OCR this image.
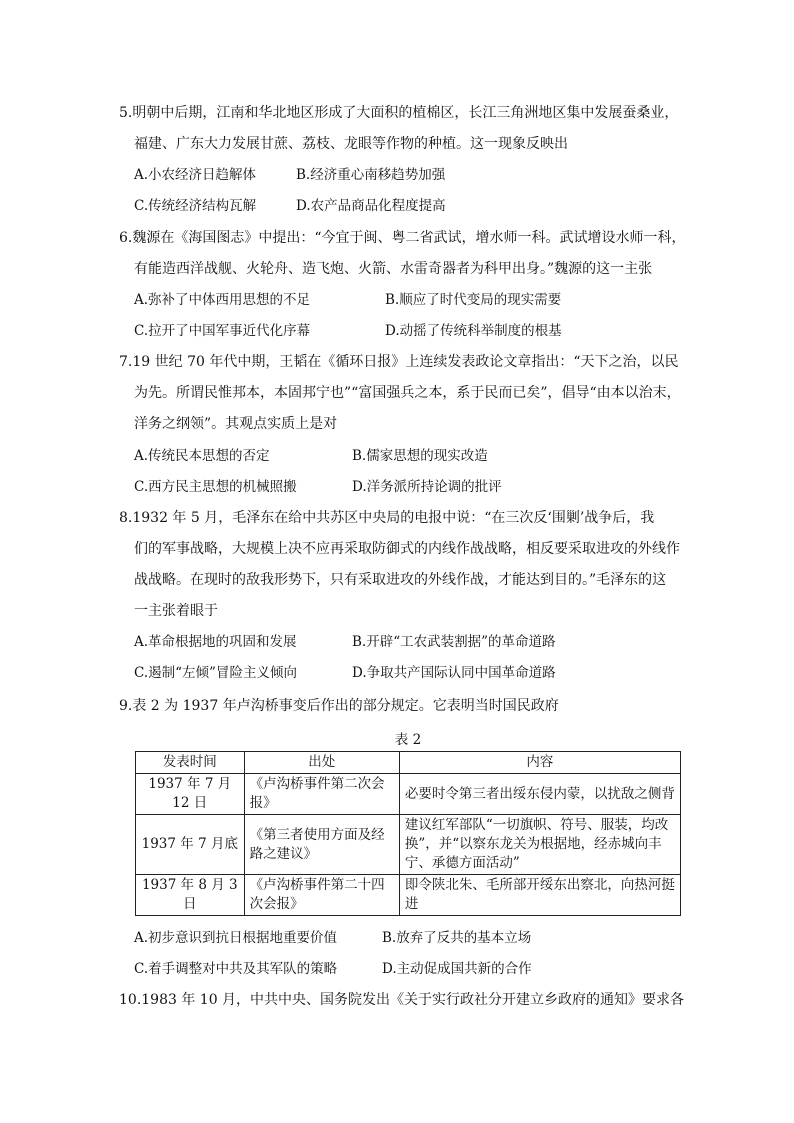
5.明朝中后期，江南和华北地区形成了大面积的植棉区，长江三角洲地区集中发展蚕桑业，
福建、广东大力发展甘蔗、荔枝、龙眼等作物的种植。这一现象反映出
A.小农经济日趋解体	B.经济重心南移趋势加强
C.传统经济结构瓦解	D.农产品商品化程度提高
6.魏源在《海国图志》中提出：“今宜于闽、粤二省武试，增水师一科。武试增设水师一科，
有能造西洋战舰、火轮舟、造飞炮、火箭、水雷奇器者为科甲出身。”魏源的这一主张
A.弥补了中体西用思想的不足	B.顺应了时代变局的现实需要
C.拉开了中国军事近代化序幕	D.动摇了传统科举制度的根基
7.19 世纪 70 年代中期，王韬在《循环日报》上连续发表政论文章指出：“天下之治，以民
为先。所谓民惟邦本，本固邦宁也”“富国强兵之本，系于民而已矣”，倡导“由本以治末，
洋务之纲领”。其观点实质上是对
A.传统民本思想的否定	B.儒家思想的现实改造
C.西方民主思想的机械照搬	D.洋务派所持论调的批评
8.1932 年 5 月，毛泽东在给中共苏区中央局的电报中说：“在三次反‘围剿’战争后，我
们的军事战略，大规模上决不应再采取防御式的内线作战战略，相反要采取进攻的外线作
战战略。在现时的敌我形势下，只有采取进攻的外线作战，才能达到目的。”毛泽东的这
一主张着眼于
A.革命根据地的巩固和发展	B.开辟“工农武装割据”的革命道路
C.遏制“左倾”冒险主义倾向	D.争取共产国际认同中国革命道路
9.表 2 为 1937 年卢沟桥事变后作出的部分规定。它表明当时国民政府
表 2
发表时间	出处	内容
1937 年 7 月 12 日	《卢沟桥事件第二次会报》	必要时令第三者出绥东侵内蒙，以扰敌之侧背
1937 年 7 月底	《第三者使用方面及经路之建议》	建议红军部队“一切旗帜、符号、服装，均改换”，并“以察东龙关为根据地，经赤城向丰宁、承德方面活动”
1937 年 8 月 3 日	《卢沟桥事件第二十四次会报》	即令陕北朱、毛所部开绥东出察北，向热河挺进
A.初步意识到抗日根据地重要价值	B.放弃了反共的基本立场
C.着手调整对中共及其军队的策略	D.主动促成国共新的合作
10.1983 年 10 月，中共中央、国务院发出《关于实行政社分开建立乡政府的通知》要求各
